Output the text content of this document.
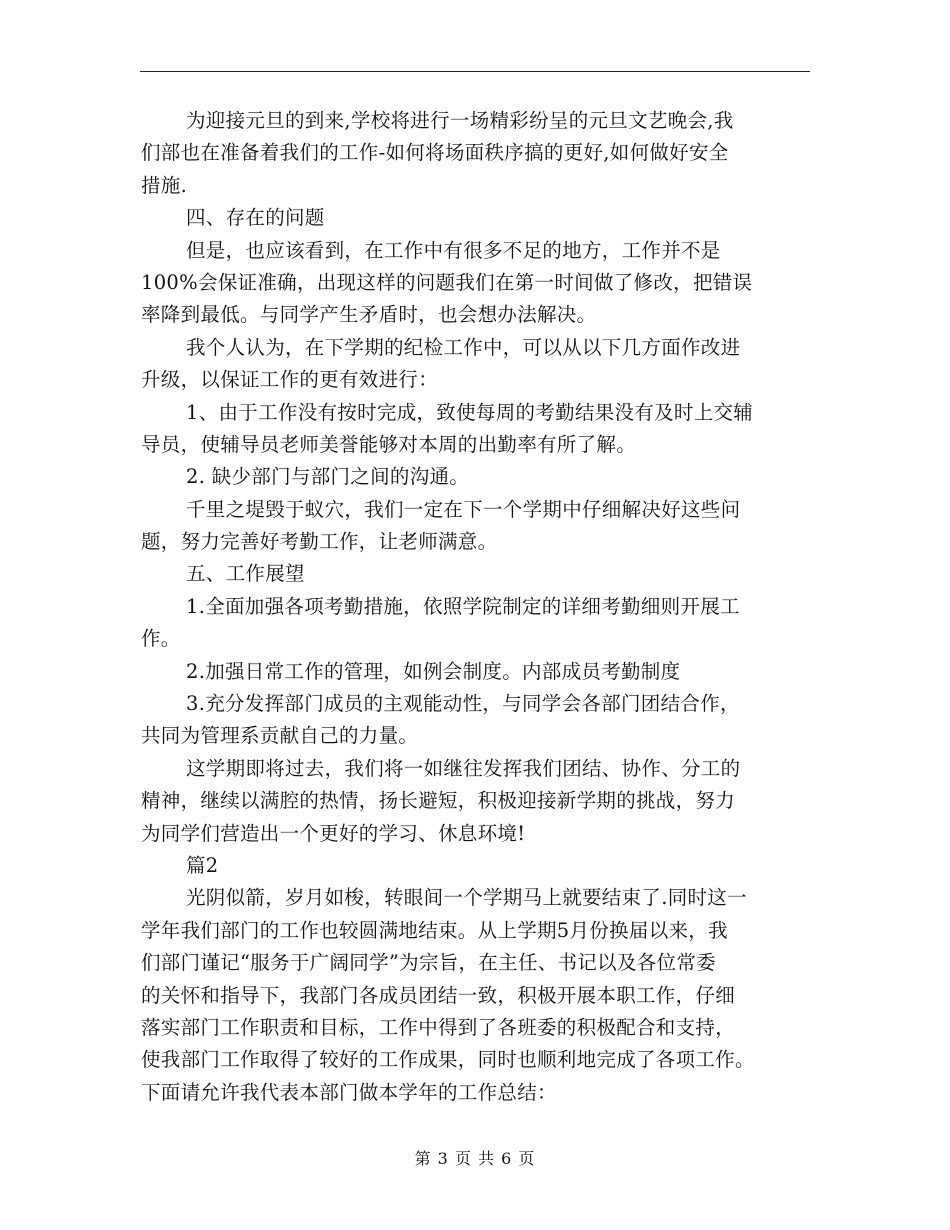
为迎接元旦的到来,学校将进行一场精彩纷呈的元旦文艺晚会,我
们部也在准备着我们的工作-如何将场面秩序搞的更好,如何做好安全
措施.
四、存在的问题
但是，也应该看到，在工作中有很多不足的地方，工作并不是
100%会保证准确，出现这样的问题我们在第一时间做了修改，把错误
率降到最低。与同学产生矛盾时，也会想办法解决。
我个人认为，在下学期的纪检工作中，可以从以下几方面作改进
升级，以保证工作的更有效进行：
1、由于工作没有按时完成，致使每周的考勤结果没有及时上交辅
导员，使辅导员老师美誉能够对本周的出勤率有所了解。
2. 缺少部门与部门之间的沟通。
千里之堤毁于蚁穴，我们一定在下一个学期中仔细解决好这些问
题，努力完善好考勤工作，让老师满意。
五、工作展望
1.全面加强各项考勤措施，依照学院制定的详细考勤细则开展工
作。
2.加强日常工作的管理，如例会制度。内部成员考勤制度
3.充分发挥部门成员的主观能动性，与同学会各部门团结合作，
共同为管理系贡献自己的力量。
这学期即将过去，我们将一如继往发挥我们团结、协作、分工的
精神，继续以满腔的热情，扬长避短，积极迎接新学期的挑战，努力
为同学们营造出一个更好的学习、休息环境!
篇2
光阴似箭，岁月如梭，转眼间一个学期马上就要结束了.同时这一
学年我们部门的工作也较圆满地结束。从上学期5月份换届以来，我
们部门谨记“服务于广阔同学”为宗旨，在主任、书记以及各位常委
的关怀和指导下，我部门各成员团结一致，积极开展本职工作，仔细
落实部门工作职责和目标，工作中得到了各班委的积极配合和支持，
使我部门工作取得了较好的工作成果，同时也顺利地完成了各项工作。
下面请允许我代表本部门做本学年的工作总结：
第 3 页 共 6 页
